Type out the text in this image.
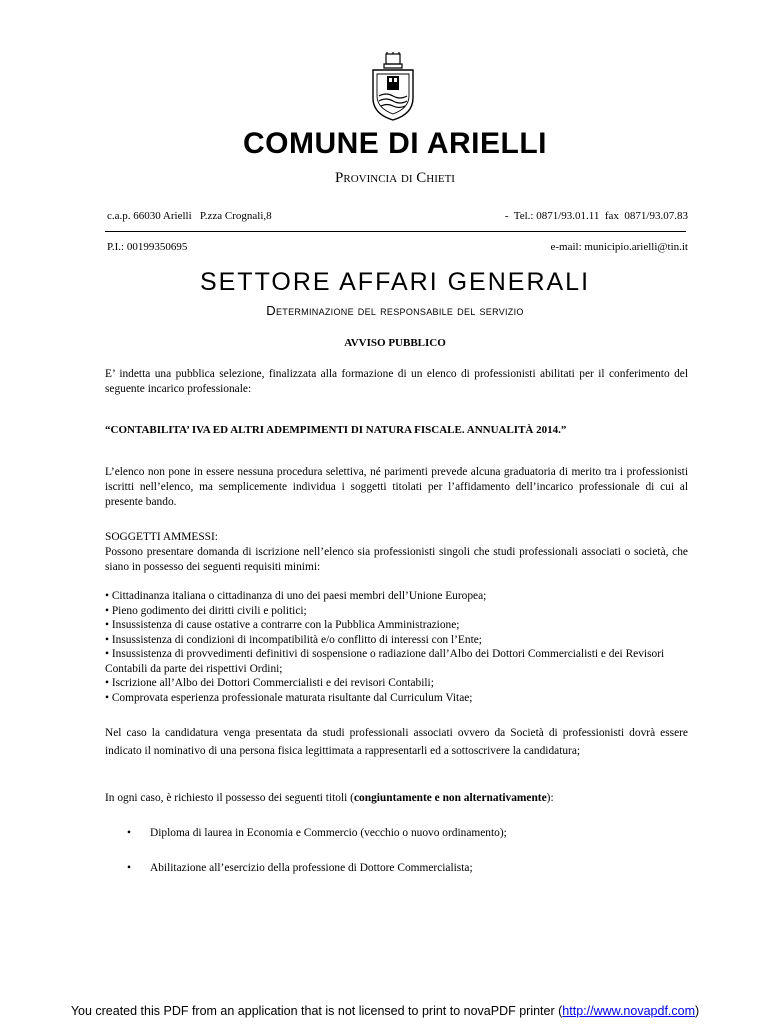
COMUNE DI ARIELLI
Provincia di Chieti
c.a.p. 66030 Arielli   P.zza Crognali,8	-  Tel.: 0871/93.01.11  fax  0871/93.07.83
P.I.: 00199350695	e-mail: municipio.arielli@tin.it
SETTORE AFFARI GENERALI
Determinazione del responsabile del servizio
AVVISO PUBBLICO
E’ indetta una pubblica selezione, finalizzata alla formazione di un elenco di professionisti abilitati per il conferimento del seguente incarico professionale:
“CONTABILITA’ IVA ED ALTRI ADEMPIMENTI DI NATURA FISCALE. ANNUALITÀ 2014.”
L’elenco non pone in essere nessuna procedura selettiva, né parimenti prevede alcuna graduatoria di merito tra i professionisti iscritti nell’elenco, ma semplicemente individua i soggetti titolati per l’affidamento dell’incarico professionale di cui al presente bando.
SOGGETTI AMMESSI:
Possono presentare domanda di iscrizione nell’elenco sia professionisti singoli che studi professionali associati o società, che siano in possesso dei seguenti requisiti minimi:
• Cittadinanza italiana o cittadinanza di uno dei paesi membri dell’Unione Europea;
• Pieno godimento dei diritti civili e politici;
• Insussistenza di cause ostative a contrarre con la Pubblica Amministrazione;
• Insussistenza di condizioni di incompatibilità e/o conflitto di interessi con l’Ente;
• Insussistenza di provvedimenti definitivi di sospensione o radiazione dall’Albo dei Dottori Commercialisti e dei Revisori Contabili da parte dei rispettivi Ordini;
• Iscrizione all’Albo dei Dottori Commercialisti e dei revisori Contabili;
• Comprovata esperienza professionale maturata risultante dal Curriculum Vitae;
Nel caso la candidatura venga presentata da studi professionali associati ovvero da Società di professionisti dovrà essere indicato il nominativo di una persona fisica legittimata a rappresentarli ed a sottoscrivere la candidatura;
In ogni caso, è richiesto il possesso dei seguenti titoli (congiuntamente e non alternativamente):
• Diploma di laurea in Economia e Commercio (vecchio o nuovo ordinamento);
• Abilitazione all’esercizio della professione di Dottore Commercialista;
You created this PDF from an application that is not licensed to print to novaPDF printer (http://www.novapdf.com)
